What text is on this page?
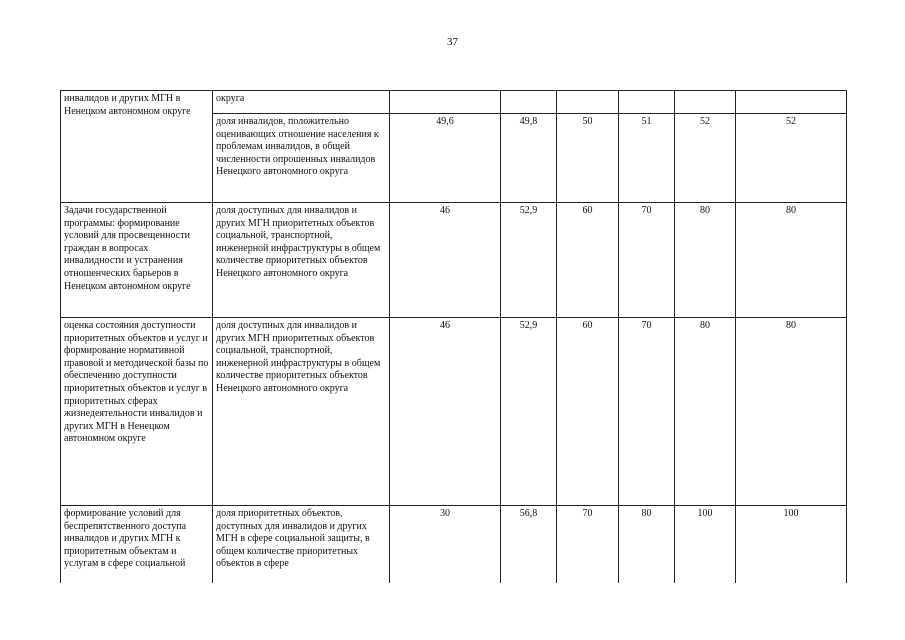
37
инвалидов и других МГН в Ненецком автономном округе	округа						
	доля инвалидов, положительно оценивающих отношение населения к проблемам инвалидов, в общей численности опрошенных инвалидов Ненецкого автономного округа	49,6	49,8	50	51	52	52
Задачи государственной программы: формирование условий для просвещенности граждан в вопросах инвалидности и устранения отношенческих барьеров в Ненецком автономном округе	доля доступных для инвалидов и других МГН приоритетных объектов социальной, транспортной, инженерной инфраструктуры в общем количестве приоритетных объектов Ненецкого автономного округа	46	52,9	60	70	80	80
оценка состояния доступности приоритетных объектов и услуг и формирование нормативной правовой и методической базы по обеспечению доступности приоритетных объектов и услуг в приоритетных сферах жизнедеятельности инвалидов и других МГН в Ненецком автономном округе	доля доступных для инвалидов и других МГН приоритетных объектов социальной, транспортной, инженерной инфраструктуры в общем количестве приоритетных объектов Ненецкого автономного округа	46	52,9	60	70	80	80
формирование условий для беспрепятственного доступа инвалидов и других МГН к приоритетным объектам и услугам в сфере социальной	доля приоритетных объектов, доступных для инвалидов и других МГН в сфере социальной защиты, в общем количестве приоритетных объектов в сфере	30	56,8	70	80	100	100
